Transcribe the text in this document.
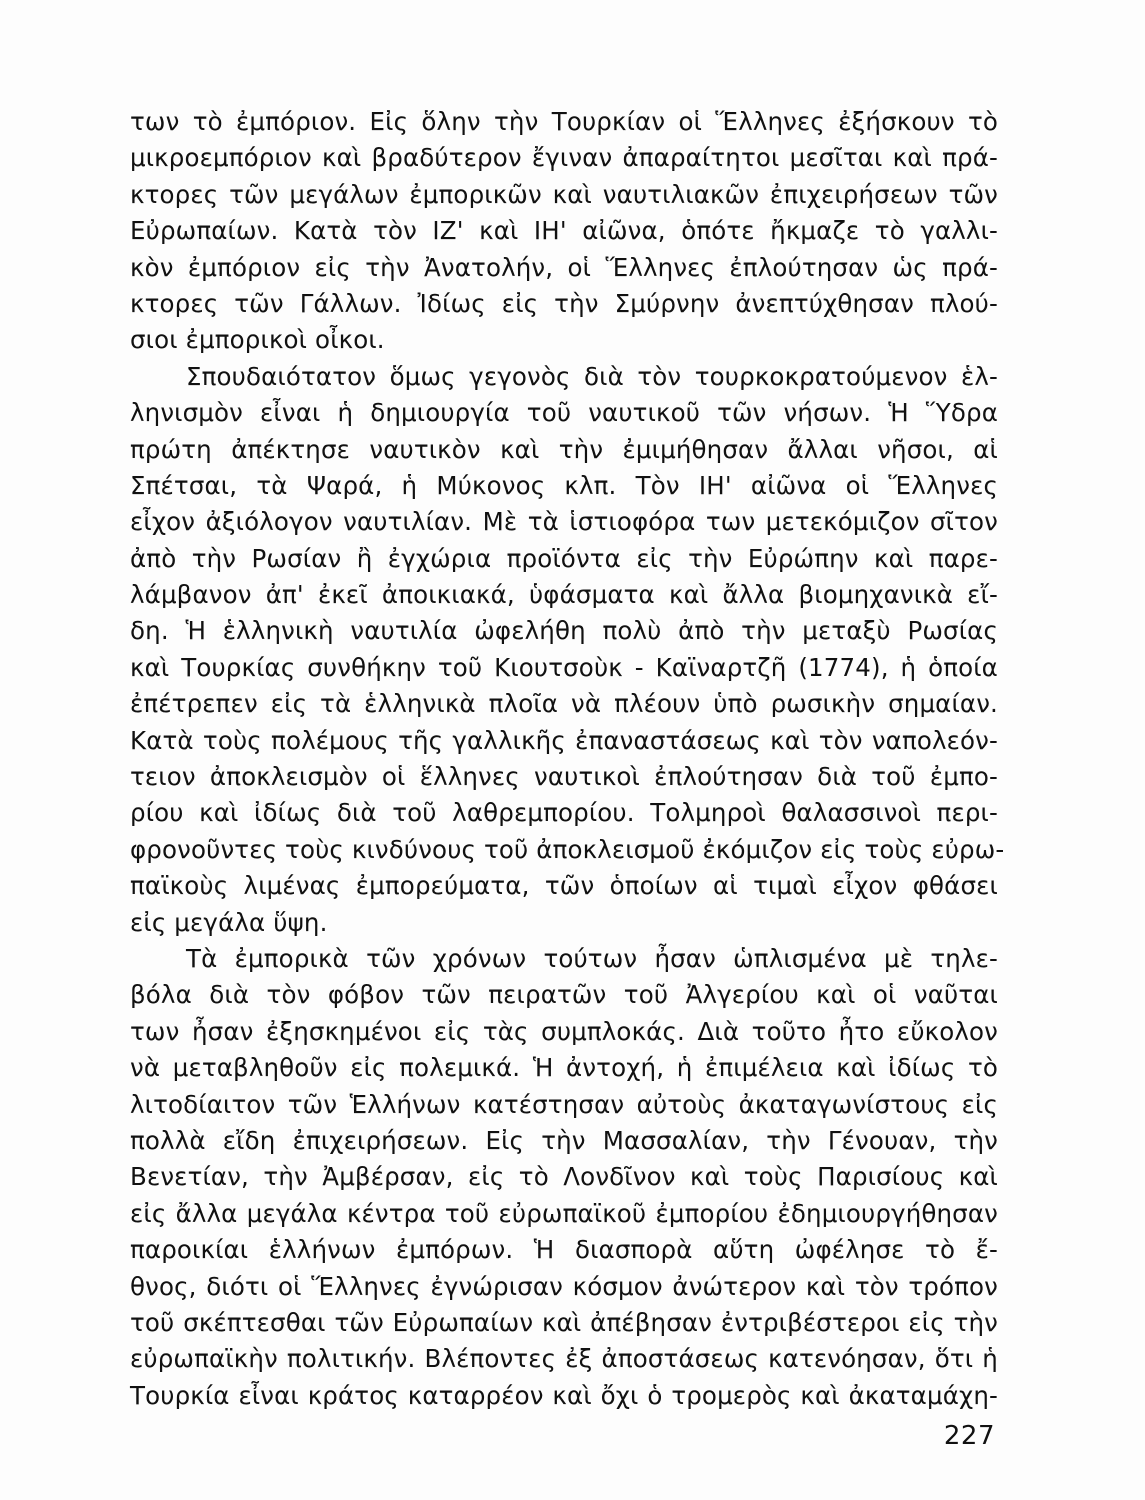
των τὸ ἐμπόριον. Εἰς ὅλην τὴν Τουρκίαν οἱ Ἕλληνες ἐξήσκουν τὸ
μικροεμπόριον καὶ βραδύτερον ἔγιναν ἀπαραίτητοι μεσῖται καὶ πρά-
κτορες τῶν μεγάλων ἐμπορικῶν καὶ ναυτιλιακῶν ἐπιχειρήσεων τῶν
Εὐρωπαίων. Κατὰ τὸν ΙΖ' καὶ ΙΗ' αἰῶνα, ὁπότε ἤκμαζε τὸ γαλλι-
κὸν ἐμπόριον εἰς τὴν Ἀνατολήν, οἱ Ἕλληνες ἐπλούτησαν ὡς πρά-
κτορες τῶν Γάλλων. Ἰδίως εἰς τὴν Σμύρνην ἀνεπτύχθησαν πλού-
σιοι ἐμπορικοὶ οἶκοι.
Σπουδαιότατον ὅμως γεγονὸς διὰ τὸν τουρκοκρατούμενον ἑλ-
ληνισμὸν εἶναι ἡ δημιουργία τοῦ ναυτικοῦ τῶν νήσων. Ἡ Ὕδρα
πρώτη ἀπέκτησε ναυτικὸν καὶ τὴν ἐμιμήθησαν ἄλλαι νῆσοι, αἱ
Σπέτσαι, τὰ Ψαρά, ἡ Μύκονος κλπ. Τὸν ΙΗ' αἰῶνα οἱ Ἕλληνες
εἶχον ἀξιόλογον ναυτιλίαν. Μὲ τὰ ἱστιοφόρα των μετεκόμιζον σῖτον
ἀπὸ τὴν Ρωσίαν ἢ ἐγχώρια προϊόντα εἰς τὴν Εὐρώπην καὶ παρε-
λάμβανον ἀπ' ἐκεῖ ἀποικιακά, ὑφάσματα καὶ ἄλλα βιομηχανικὰ εἴ-
δη. Ἡ ἑλληνικὴ ναυτιλία ὠφελήθη πολὺ ἀπὸ τὴν μεταξὺ Ρωσίας
καὶ Τουρκίας συνθήκην τοῦ Κιουτσοὺκ - Καϊναρτζῆ (1774), ἡ ὁποία
ἐπέτρεπεν εἰς τὰ ἑλληνικὰ πλοῖα νὰ πλέουν ὑπὸ ρωσικὴν σημαίαν.
Κατὰ τοὺς πολέμους τῆς γαλλικῆς ἐπαναστάσεως καὶ τὸν ναπολεόν-
τειον ἀποκλεισμὸν οἱ ἕλληνες ναυτικοὶ ἐπλούτησαν διὰ τοῦ ἐμπο-
ρίου καὶ ἰδίως διὰ τοῦ λαθρεμπορίου. Τολμηροὶ θαλασσινοὶ περι-
φρονοῦντες τοὺς κινδύνους τοῦ ἀποκλεισμοῦ ἐκόμιζον εἰς τοὺς εὐρω-
παϊκοὺς λιμένας ἐμπορεύματα, τῶν ὁποίων αἱ τιμαὶ εἶχον φθάσει
εἰς μεγάλα ὕψη.
Τὰ ἐμπορικὰ τῶν χρόνων τούτων ἦσαν ὡπλισμένα μὲ τηλε-
βόλα διὰ τὸν φόβον τῶν πειρατῶν τοῦ Ἀλγερίου καὶ οἱ ναῦται
των ἦσαν ἐξησκημένοι εἰς τὰς συμπλοκάς. Διὰ τοῦτο ἦτο εὔκολον
νὰ μεταβληθοῦν εἰς πολεμικά. Ἡ ἀντοχή, ἡ ἐπιμέλεια καὶ ἰδίως τὸ
λιτοδίαιτον τῶν Ἑλλήνων κατέστησαν αὐτοὺς ἀκαταγωνίστους εἰς
πολλὰ εἴδη ἐπιχειρήσεων. Εἰς τὴν Μασσαλίαν, τὴν Γένουαν, τὴν
Βενετίαν, τὴν Ἀμβέρσαν, εἰς τὸ Λονδῖνον καὶ τοὺς Παρισίους καὶ
εἰς ἄλλα μεγάλα κέντρα τοῦ εὐρωπαϊκοῦ ἐμπορίου ἐδημιουργήθησαν
παροικίαι ἑλλήνων ἐμπόρων. Ἡ διασπορὰ αὕτη ὠφέλησε τὸ ἔ-
θνος, διότι οἱ Ἕλληνες ἐγνώρισαν κόσμον ἀνώτερον καὶ τὸν τρόπον
τοῦ σκέπτεσθαι τῶν Εὐρωπαίων καὶ ἀπέβησαν ἐντριβέστεροι εἰς τὴν
εὐρωπαϊκὴν πολιτικήν. Βλέποντες ἐξ ἀποστάσεως κατενόησαν, ὅτι ἡ
Τουρκία εἶναι κράτος καταρρέον καὶ ὄχι ὁ τρομερὸς καὶ ἀκαταμάχη-
227
